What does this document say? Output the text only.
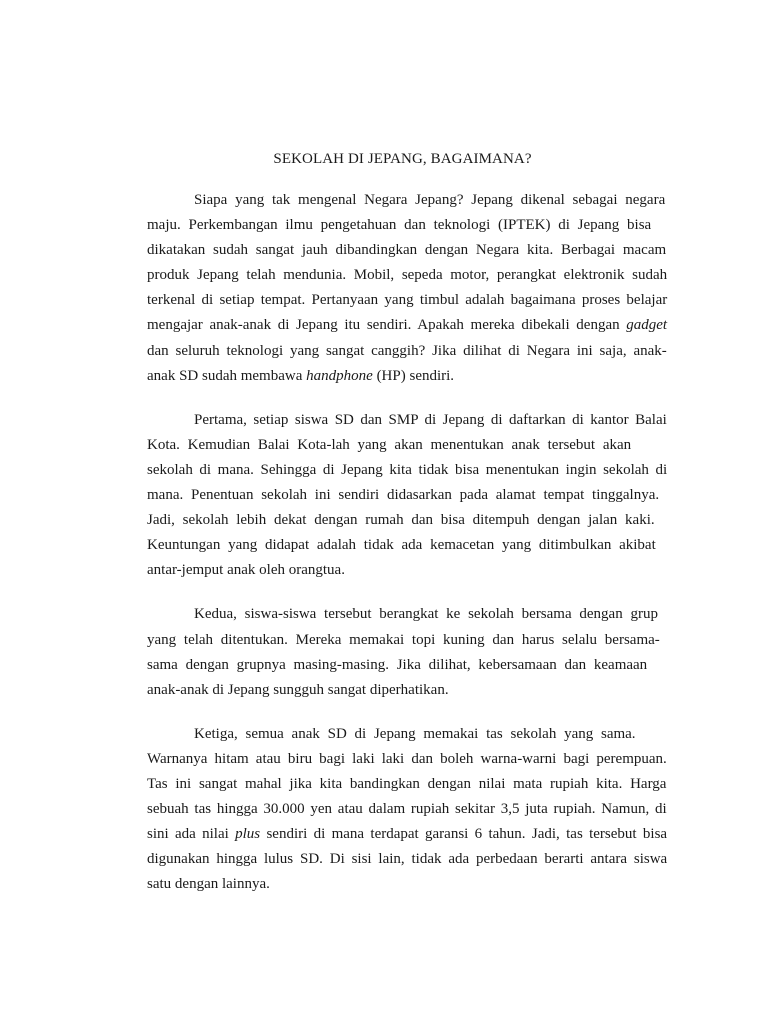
SEKOLAH DI JEPANG, BAGAIMANA?
Siapa yang tak mengenal Negara Jepang? Jepang dikenal sebagai negara
maju. Perkembangan ilmu pengetahuan dan teknologi (IPTEK) di Jepang bisa
dikatakan sudah sangat jauh dibandingkan dengan Negara kita. Berbagai macam
produk Jepang telah mendunia. Mobil, sepeda motor, perangkat elektronik sudah
terkenal di setiap tempat. Pertanyaan yang timbul adalah bagaimana proses belajar
mengajar anak-anak di Jepang itu sendiri. Apakah mereka dibekali dengan gadget
dan seluruh teknologi yang sangat canggih? Jika dilihat di Negara ini saja, anak-
anak SD sudah membawa handphone (HP) sendiri.
Pertama, setiap siswa SD dan SMP di Jepang di daftarkan di kantor Balai
Kota. Kemudian Balai Kota-lah yang akan menentukan anak tersebut akan
sekolah di mana. Sehingga di Jepang kita tidak bisa menentukan ingin sekolah di
mana. Penentuan sekolah ini sendiri didasarkan pada alamat tempat tinggalnya.
Jadi, sekolah lebih dekat dengan rumah dan bisa ditempuh dengan jalan kaki.
Keuntungan yang didapat adalah tidak ada kemacetan yang ditimbulkan akibat
antar-jemput anak oleh orangtua.
Kedua, siswa-siswa tersebut berangkat ke sekolah bersama dengan grup
yang telah ditentukan. Mereka memakai topi kuning dan harus selalu bersama-
sama dengan grupnya masing-masing. Jika dilihat, kebersamaan dan keamaan
anak-anak di Jepang sungguh sangat diperhatikan.
Ketiga, semua anak SD di Jepang memakai tas sekolah yang sama.
Warnanya hitam atau biru bagi laki laki dan boleh warna-warni bagi perempuan.
Tas ini sangat mahal jika kita bandingkan dengan nilai mata rupiah kita. Harga
sebuah tas hingga 30.000 yen atau dalam rupiah sekitar 3,5 juta rupiah. Namun, di
sini ada nilai plus sendiri di mana terdapat garansi 6 tahun. Jadi, tas tersebut bisa
digunakan hingga lulus SD. Di sisi lain, tidak ada perbedaan berarti antara siswa
satu dengan lainnya.
